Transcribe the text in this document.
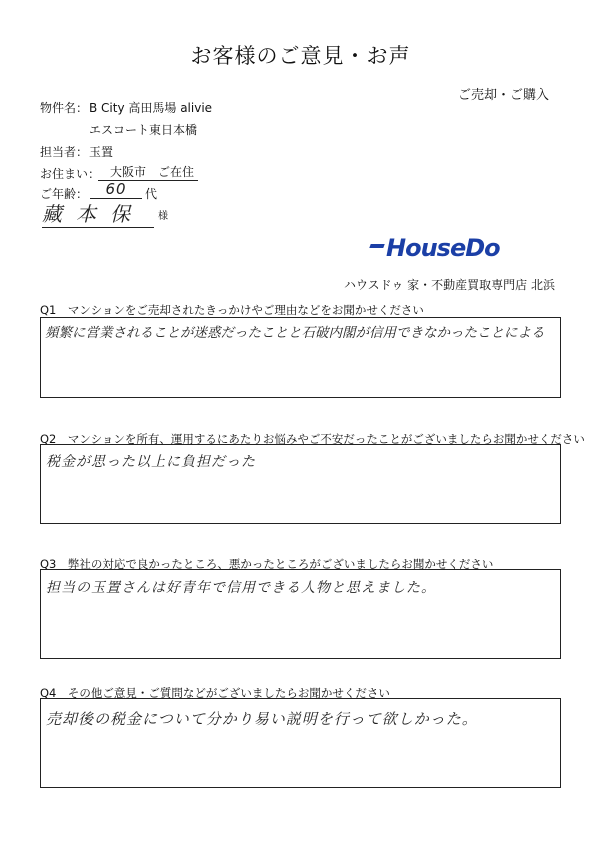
お客様のご意見・お声
ご売却・ご購入
物件名： B City 高田馬場 alivie
エスコート東日本橋
担当者： 玉置
お住まい： 大阪市　ご在住
ご年齢：	60	代
藏本保	様
HouseDo
ハウスドゥ 家・不動産買取専門店 北浜
Q1　マンションをご売却されたきっかけやご理由などをお聞かせください
頻繁に営業されることが迷惑だったことと石破内閣が信用できなかったことによる
Q2　マンションを所有、運用するにあたりお悩みやご不安だったことがございましたらお聞かせください
税金が思った以上に負担だった
Q3　弊社の対応で良かったところ、悪かったところがございましたらお聞かせください
担当の玉置さんは好青年で信用できる人物と思えました。
Q4　その他ご意見・ご質問などがございましたらお聞かせください
売却後の税金について分かり易い説明を行って欲しかった。
